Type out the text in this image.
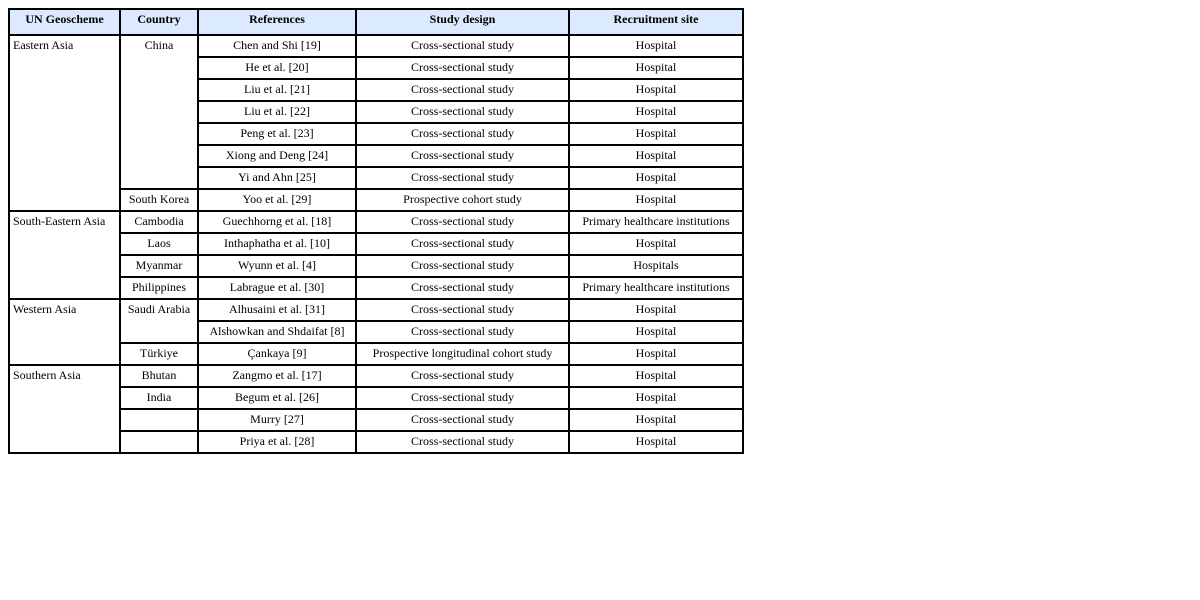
UN Geoscheme	Country	References	Study design	Recruitment site
Eastern Asia	China	Chen and Shi [19]	Cross-sectional study	Hospital
		He et al. [20]	Cross-sectional study	Hospital
		Liu et al. [21]	Cross-sectional study	Hospital
		Liu et al. [22]	Cross-sectional study	Hospital
		Peng et al. [23]	Cross-sectional study	Hospital
		Xiong and Deng [24]	Cross-sectional study	Hospital
		Yi and Ahn [25]	Cross-sectional study	Hospital
	South Korea	Yoo et al. [29]	Prospective cohort study	Hospital
South-Eastern Asia	Cambodia	Guechhorng et al. [18]	Cross-sectional study	Primary healthcare institutions
	Laos	Inthaphatha et al. [10]	Cross-sectional study	Hospital
	Myanmar	Wyunn et al. [4]	Cross-sectional study	Hospitals
	Philippines	Labrague et al. [30]	Cross-sectional study	Primary healthcare institutions
Western Asia	Saudi Arabia	Alhusaini et al. [31]	Cross-sectional study	Hospital
		Alshowkan and Shdaifat [8]	Cross-sectional study	Hospital
	Türkiye	Çankaya [9]	Prospective longitudinal cohort study	Hospital
Southern Asia	Bhutan	Zangmo et al. [17]	Cross-sectional study	Hospital
	India	Begum et al. [26]	Cross-sectional study	Hospital
		Murry [27]	Cross-sectional study	Hospital
		Priya et al. [28]	Cross-sectional study	Hospital
